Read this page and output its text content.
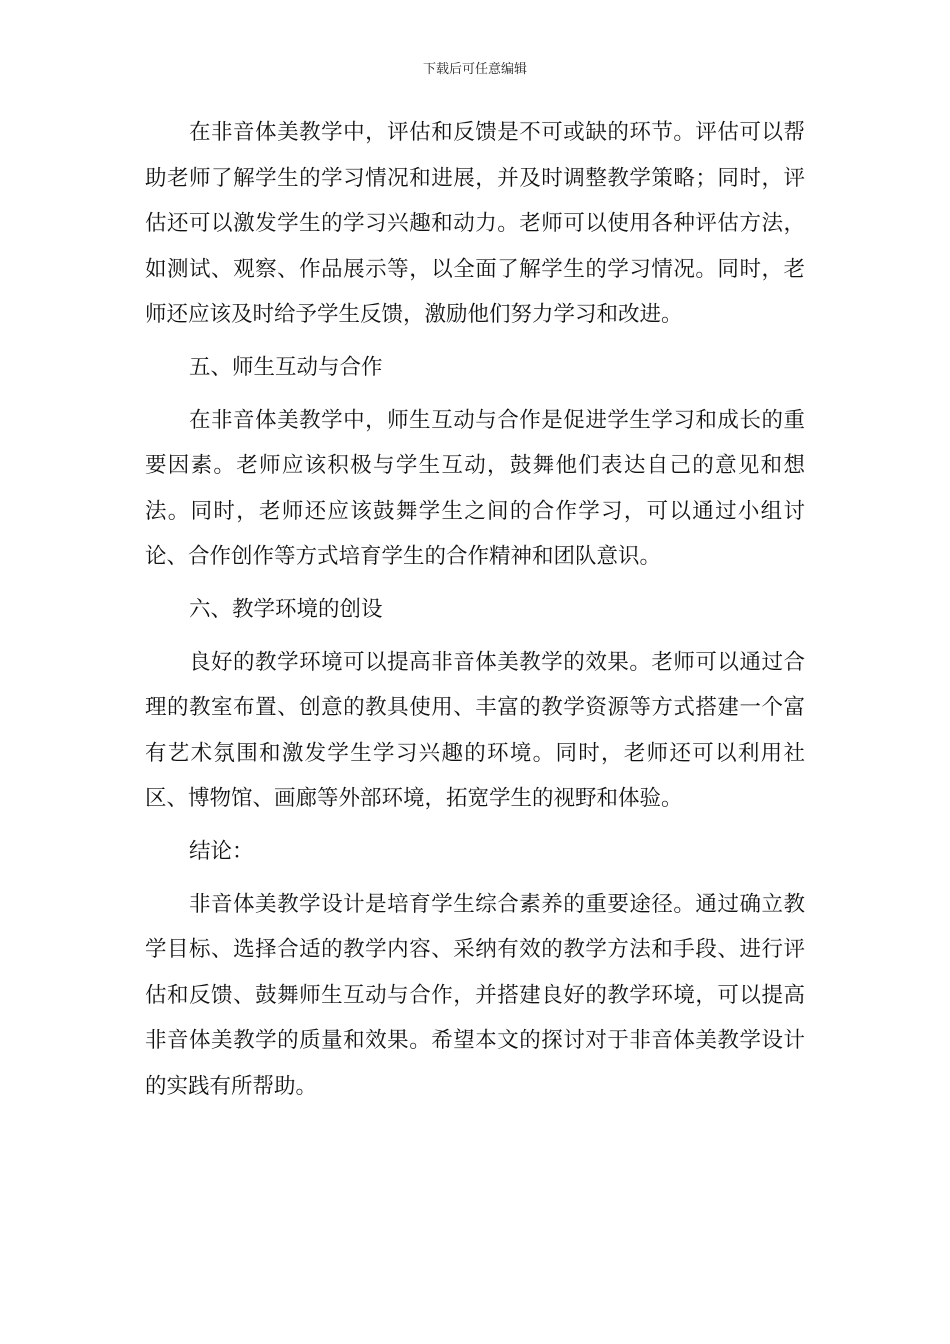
下载后可任意编辑

在非音体美教学中，评估和反馈是不可或缺的环节。评估可以帮助老师了解学生的学习情况和进展，并及时调整教学策略；同时，评估还可以激发学生的学习兴趣和动力。老师可以使用各种评估方法，如测试、观察、作品展示等，以全面了解学生的学习情况。同时，老师还应该及时给予学生反馈，激励他们努力学习和改进。

五、师生互动与合作

在非音体美教学中，师生互动与合作是促进学生学习和成长的重要因素。老师应该积极与学生互动，鼓舞他们表达自己的意见和想法。同时，老师还应该鼓舞学生之间的合作学习，可以通过小组讨论、合作创作等方式培育学生的合作精神和团队意识。

六、教学环境的创设

良好的教学环境可以提高非音体美教学的效果。老师可以通过合理的教室布置、创意的教具使用、丰富的教学资源等方式搭建一个富有艺术氛围和激发学生学习兴趣的环境。同时，老师还可以利用社区、博物馆、画廊等外部环境，拓宽学生的视野和体验。

结论：

非音体美教学设计是培育学生综合素养的重要途径。通过确立教学目标、选择合适的教学内容、采纳有效的教学方法和手段、进行评估和反馈、鼓舞师生互动与合作，并搭建良好的教学环境，可以提高非音体美教学的质量和效果。希望本文的探讨对于非音体美教学设计的实践有所帮助。
